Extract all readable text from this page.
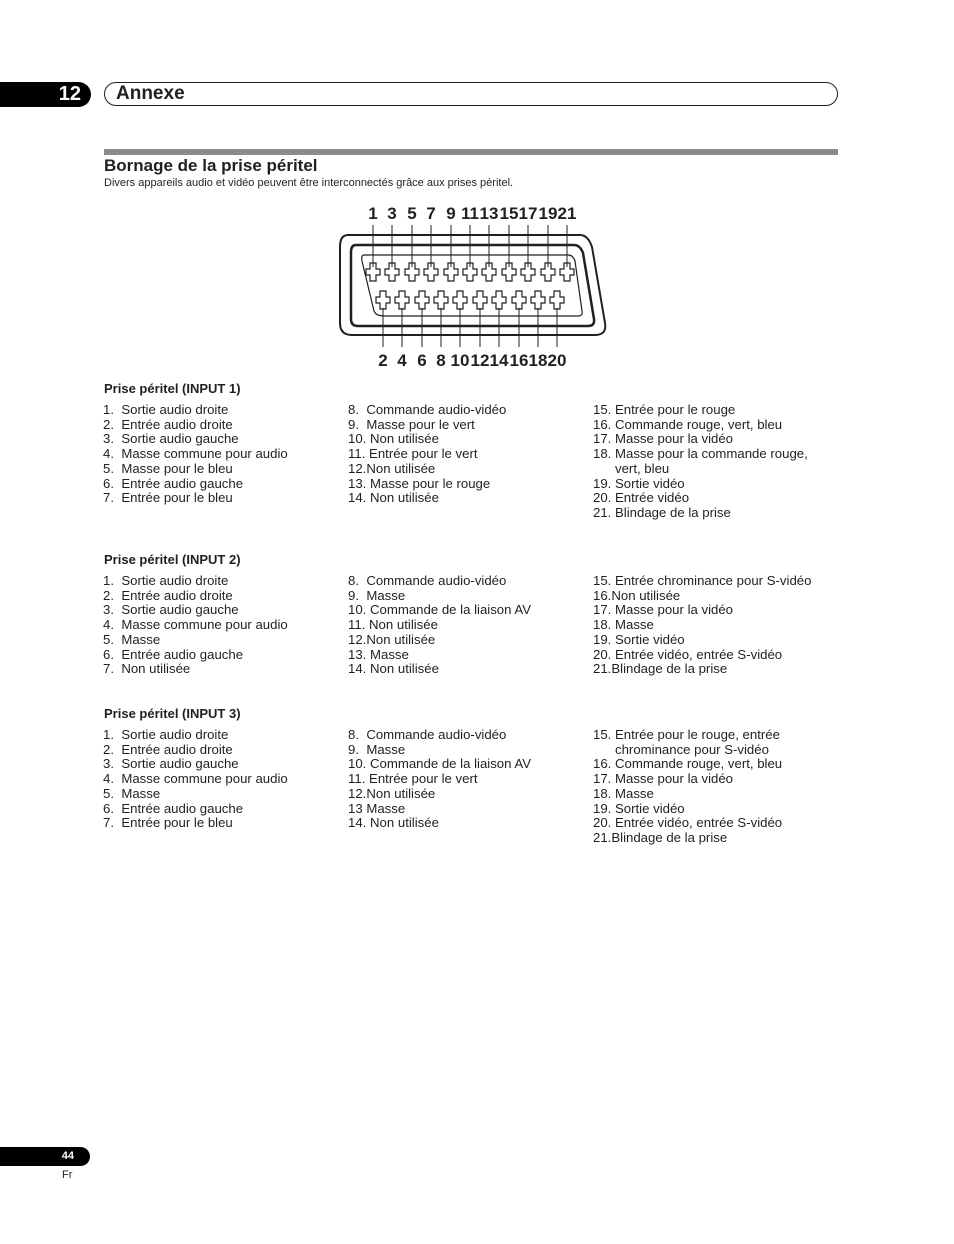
12	Annexe
Bornage de la prise péritel
Divers appareils audio et vidéo peuvent être interconnectés grâce aux prises péritel.
1 3 5 7 9 11 13 15 17 19 21
2 4 6 8 10 12 14 16 18 20
Prise péritel (INPUT 1)
1. Sortie audio droite
2. Entrée audio droite
3. Sortie audio gauche
4. Masse commune pour audio
5. Masse pour le bleu
6. Entrée audio gauche
7. Entrée pour le bleu
8. Commande audio-vidéo
9. Masse pour le vert
10. Non utilisée
11. Entrée pour le vert
12. Non utilisée
13. Masse pour le rouge
14. Non utilisée
15. Entrée pour le rouge
16. Commande rouge, vert, bleu
17. Masse pour la vidéo
18. Masse pour la commande rouge, vert, bleu
19. Sortie vidéo
20. Entrée vidéo
21. Blindage de la prise
Prise péritel (INPUT 2)
1. Sortie audio droite
2. Entrée audio droite
3. Sortie audio gauche
4. Masse commune pour audio
5. Masse
6. Entrée audio gauche
7. Non utilisée
8. Commande audio-vidéo
9. Masse
10. Commande de la liaison AV
11. Non utilisée
12. Non utilisée
13. Masse
14. Non utilisée
15. Entrée chrominance pour S-vidéo
16. Non utilisée
17. Masse pour la vidéo
18. Masse
19. Sortie vidéo
20. Entrée vidéo, entrée S-vidéo
21. Blindage de la prise
Prise péritel (INPUT 3)
1. Sortie audio droite
2. Entrée audio droite
3. Sortie audio gauche
4. Masse commune pour audio
5. Masse
6. Entrée audio gauche
7. Entrée pour le bleu
8. Commande audio-vidéo
9. Masse
10. Commande de la liaison AV
11. Entrée pour le vert
12. Non utilisée
13 Masse
14. Non utilisée
15. Entrée pour le rouge, entrée chrominance pour S-vidéo
16. Commande rouge, vert, bleu
17. Masse pour la vidéo
18. Masse
19. Sortie vidéo
20. Entrée vidéo, entrée S-vidéo
21. Blindage de la prise
44
Fr
